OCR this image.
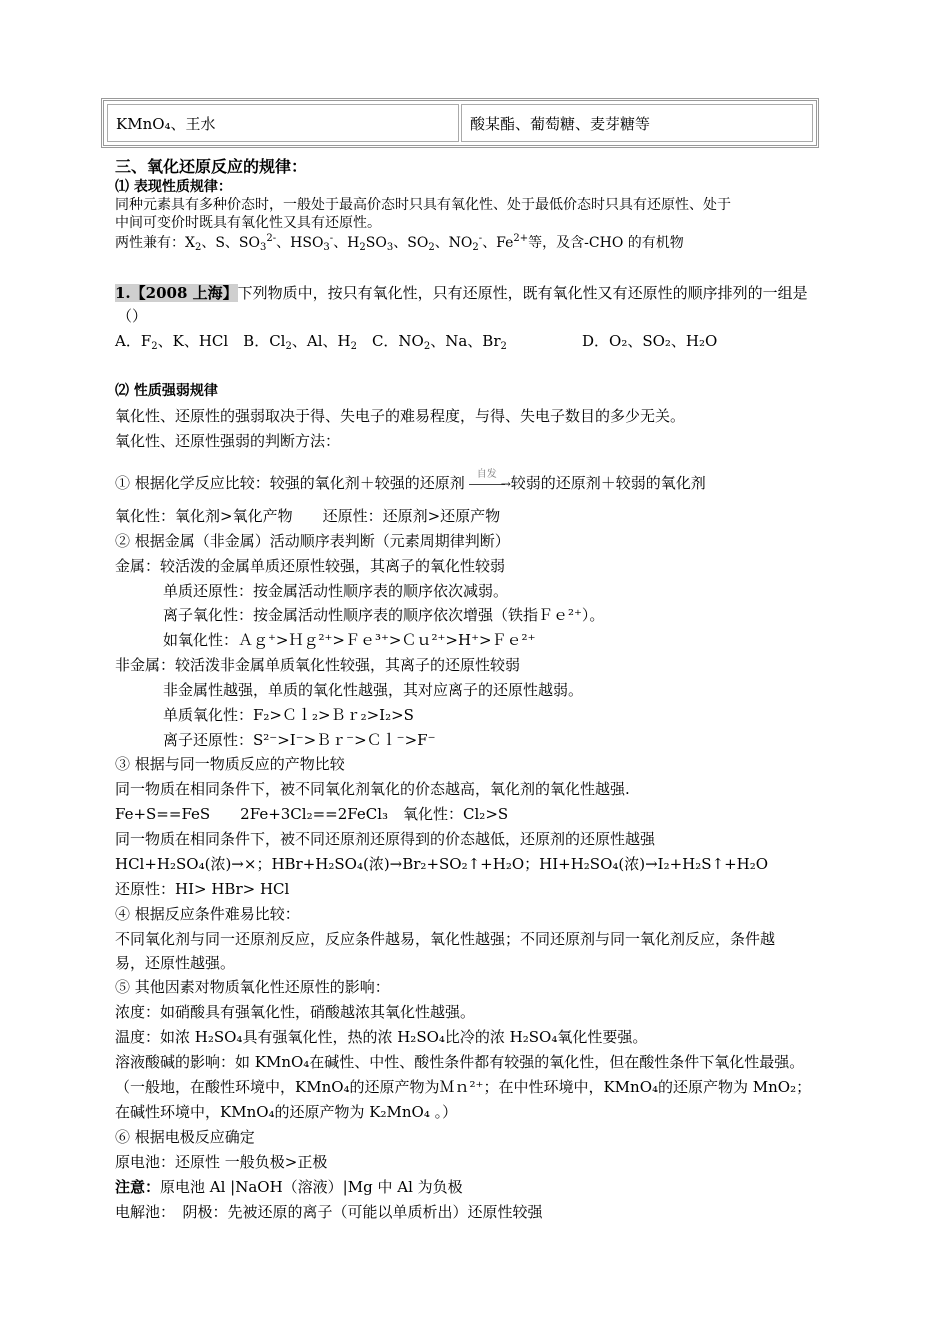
KMnO₄、王水	酸某酯、葡萄糖、麦芽糖等
三、氧化还原反应的规律：
⑴ 表现性质规律：
同种元素具有多种价态时，一般处于最高价态时只具有氧化性、处于最低价态时只具有还原性、处于
中间可变价时既具有氧化性又具有还原性。
两性兼有：$X_2$、S、$SO_3^{2-}$、$HSO_3^-$、$H_2SO_3$、$SO_2$、$NO_2^-$、$Fe^{2+}$等，及含-CHO 的有机物
1.【2008 上海】下列物质中，按只有氧化性，只有还原性，既有氧化性又有还原性的顺序排列的一组是
（）
A．$F_2$、K、HCl　B．$Cl_2$、Al、$H_2$　C．$NO_2$、Na、$Br_2$	D．O₂、SO₂、H₂O
⑵ 性质强弱规律
氧化性、还原性的强弱取决于得、失电子的难易程度，与得、失电子数目的多少无关。
氧化性、还原性强弱的判断方法：
① 根据化学反应比较：较强的氧化剂＋较强的还原剂 自发
→ 较弱的还原剂＋较弱的氧化剂
氧化性：氧化剂>氧化产物　　还原性：还原剂>还原产物
② 根据金属（非金属）活动顺序表判断（元素周期律判断）
金属：较活泼的金属单质还原性较强，其离子的氧化性较弱
单质还原性：按金属活动性顺序表的顺序依次减弱。
离子氧化性：按金属活动性顺序表的顺序依次增强（铁指Ｆｅ²⁺）。
如氧化性：Ａｇ⁺>Ｈｇ²⁺>Ｆｅ³⁺>Ｃｕ²⁺>H⁺>Ｆｅ²⁺
非金属：较活泼非金属单质氧化性较强，其离子的还原性较弱
非金属性越强，单质的氧化性越强，其对应离子的还原性越弱。
单质氧化性：F₂>Ｃｌ₂>Ｂｒ₂>I₂>S
离子还原性：S²⁻>I⁻>Ｂｒ⁻>Ｃｌ⁻>F⁻
③ 根据与同一物质反应的产物比较
同一物质在相同条件下，被不同氧化剂氧化的价态越高，氧化剂的氧化性越强.
Fe+S==FeS　　2Fe+3Cl₂==2FeCl₃　氧化性：Cl₂>S
同一物质在相同条件下，被不同还原剂还原得到的价态越低，还原剂的还原性越强
HCl+H₂SO₄(浓)→×；HBr+H₂SO₄(浓)→Br₂+SO₂↑+H₂O；HI+H₂SO₄(浓)→I₂+H₂S↑+H₂O
还原性：HI> HBr> HCl
④ 根据反应条件难易比较：
不同氧化剂与同一还原剂反应，反应条件越易，氧化性越强；不同还原剂与同一氧化剂反应，条件越
易，还原性越强。
⑤ 其他因素对物质氧化性还原性的影响：
浓度：如硝酸具有强氧化性，硝酸越浓其氧化性越强。
温度：如浓 H₂SO₄具有强氧化性，热的浓 H₂SO₄比冷的浓 H₂SO₄氧化性要强。
溶液酸碱的影响：如 KMnO₄在碱性、中性、酸性条件都有较强的氧化性，但在酸性条件下氧化性最强。
（一般地，在酸性环境中，KMnO₄的还原产物为Ｍｎ²⁺；在中性环境中，KMnO₄的还原产物为 MnO₂；
在碱性环境中，KMnO₄的还原产物为 K₂MnO₄ 。）
⑥ 根据电极反应确定
原电池：还原性 一般负极>正极
注意：原电池 Al |NaOH（溶液）|Mg 中 Al 为负极
电解池：　阴极：先被还原的离子（可能以单质析出）还原性较强
